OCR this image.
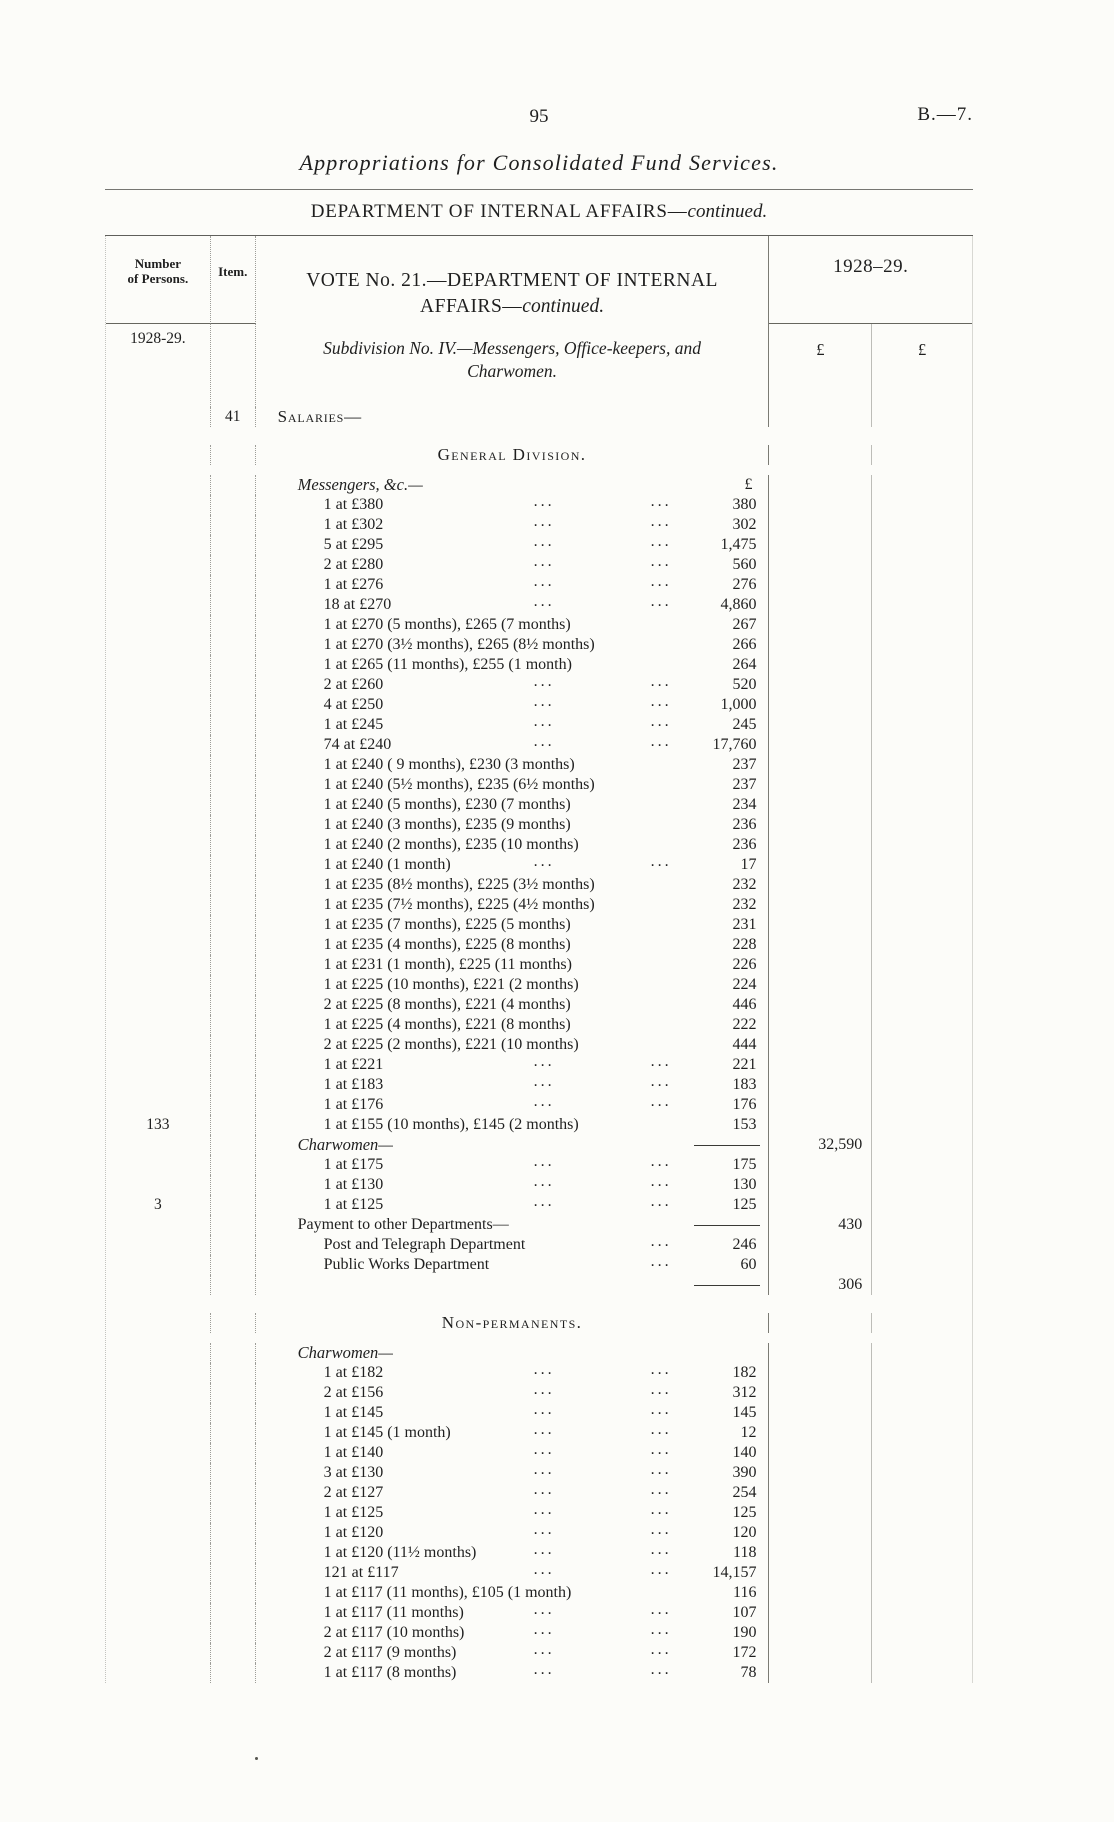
95	B.—7.
Appropriations for Consolidated Fund Services.
DEPARTMENT OF INTERNAL AFFAIRS—continued.
Number
of Persons.	Item.	VOTE No. 21.—DEPARTMENT OF INTERNAL
AFFAIRS—continued.
1928–29.
1928-29.	Subdivision No. IV.—Messengers, Office-keepers, and
Charwomen.
£	£
41	Salaries—
General Division.
Messengers, &c.—	£
1 at £380	...	...	380
1 at £302	...	...	302
5 at £295	...	...	1,475
2 at £280	...	...	560
1 at £276	...	...	276
18 at £270	...	...	4,860
1 at £270 (5 months), £265 (7 months)	267
1 at £270 (3½ months), £265 (8½ months)	266
1 at £265 (11 months), £255 (1 month)	264
2 at £260	...	...	520
4 at £250	...	...	1,000
1 at £245	...	...	245
74 at £240	...	...	17,760
1 at £240 ( 9 months), £230 (3 months)	237
1 at £240 (5½ months), £235 (6½ months)	237
1 at £240 (5 months), £230 (7 months)	234
1 at £240 (3 months), £235 (9 months)	236
1 at £240 (2 months), £235 (10 months)	236
1 at £240 (1 month)	...	...	17
1 at £235 (8½ months), £225 (3½ months)	232
1 at £235 (7½ months), £225 (4½ months)	232
1 at £235 (7 months), £225 (5 months)	231
1 at £235 (4 months), £225 (8 months)	228
1 at £231 (1 month), £225 (11 months)	226
1 at £225 (10 months), £221 (2 months)	224
2 at £225 (8 months), £221 (4 months)	446
1 at £225 (4 months), £221 (8 months)	222
2 at £225 (2 months), £221 (10 months)	444
1 at £221	...	...	221
1 at £183	...	...	183
1 at £176	...	...	176
133	1 at £155 (10 months), £145 (2 months)	153
Charwomen—	32,590
1 at £175	...	...	175
1 at £130	...	...	130
3	1 at £125	...	...	125
Payment to other Departments—	430
Post and Telegraph Department	...	246
Public Works Department	...	60
306
Non-permanents.
Charwomen—
1 at £182	...	...	182
2 at £156	...	...	312
1 at £145	...	...	145
1 at £145 (1 month)	...	...	12
1 at £140	...	...	140
3 at £130	...	...	390
2 at £127	...	...	254
1 at £125	...	...	125
1 at £120	...	...	120
1 at £120 (11½ months)	...	...	118
121 at £117	...	...	14,157
1 at £117 (11 months), £105 (1 month)	116
1 at £117 (11 months)	...	...	107
2 at £117 (10 months)	...	...	190
2 at £117 (9 months)	...	...	172
1 at £117 (8 months)	...	...	78
